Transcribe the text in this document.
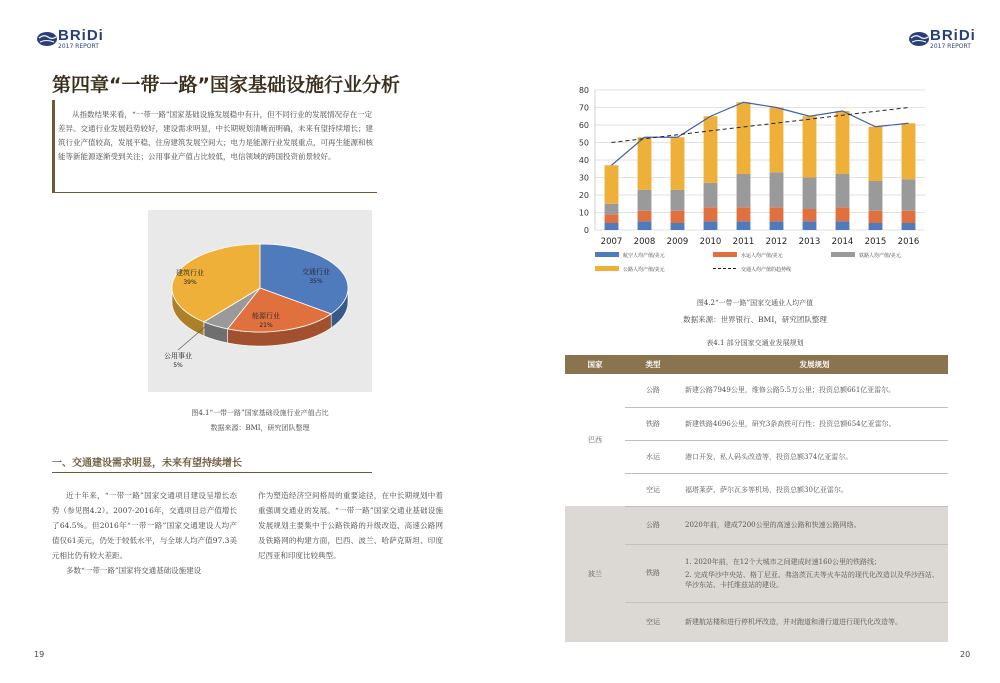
BRiDi
2017 REPORT
第四章“一带一路”国家基础设施行业分析
从指数结果来看，“一带一路”国家基础设施发展稳中有升，但不同行业的发展情况存在一定差异。交通行业发展趋势较好，建设需求明显，中长期规划清晰而明确，未来有望持续增长；建筑行业产值较高，发展平稳，住房建筑发展空间大；电力是能源行业发展重点，可再生能源和核能等新能源逐渐受到关注；公用事业产值占比较低，电信领域的跨国投资前景较好。
交通行业
35%
能源行业
21%
公用事业
5%
建筑行业
39%
图4.1“一带一路”国家基础设施行业产值占比
数据来源：BMI，研究团队整理
一、交通建设需求明显，未来有望持续增长
近十年来，“一带一路”国家交通项目建设呈增长态势（参见图4.2）。2007-2016年，交通项目总产值增长了64.5%。但2016年“一带一路”国家交通建设人均产值仅61美元，仍处于较低水平，与全球人均产值97.3美元相比仍有较大差距。
多数“一带一路”国家将交通基础设施建设
作为塑造经济空间格局的重要途径，在中长期规划中着重强调交通业的发展。“一带一路”国家交通业基础设施发展规划主要集中于公路铁路的升级改造、高速公路网及铁路网的构建方面，巴西、波兰、哈萨克斯坦、印度尼西亚和印度比较典型。
19
BRiDi
2017 REPORT
0
10
20
30
40
50
60
70
80
2007 2008 2009 2010 2011 2012 2013 2014 2015 2016
航空人均产值/美元	水运人均产值/美元	铁路人均产值/美元
公路人均产值/美元	交通人均产值的趋势线
图4.2“一带一路”国家交通业人均产值
数据来源：世界银行、BMI，研究团队整理
表4.1 部分国家交通业发展规划
国家	类型	发展规划
巴西	公路	新建公路7949公里，维修公路5.5万公里；投资总额661亿亚雷尔。
	铁路	新建铁路4696公里，研究3条高铁可行性；投资总额654亿亚雷尔。
	水运	港口开发、私人码头改造等，投资总额374亿亚雷尔。
	空运	福塔莱萨、萨尔瓦多等机场，投资总额30亿亚雷尔。
波兰	公路	2020年前，建成7200公里的高速公路和快速公路网络。
	铁路	1. 2020年前，在12个大城市之间建成时速160公里的铁路线；
2. 完成华沙中央站、格丁尼亚、弗洛茨瓦夫等火车站的现代化改造以及华沙西站、华沙东站、卡托维兹站的建设。

	空运	新建航站楼和进行停机坪改造，并对跑道和滑行道进行现代化改造等。
20
